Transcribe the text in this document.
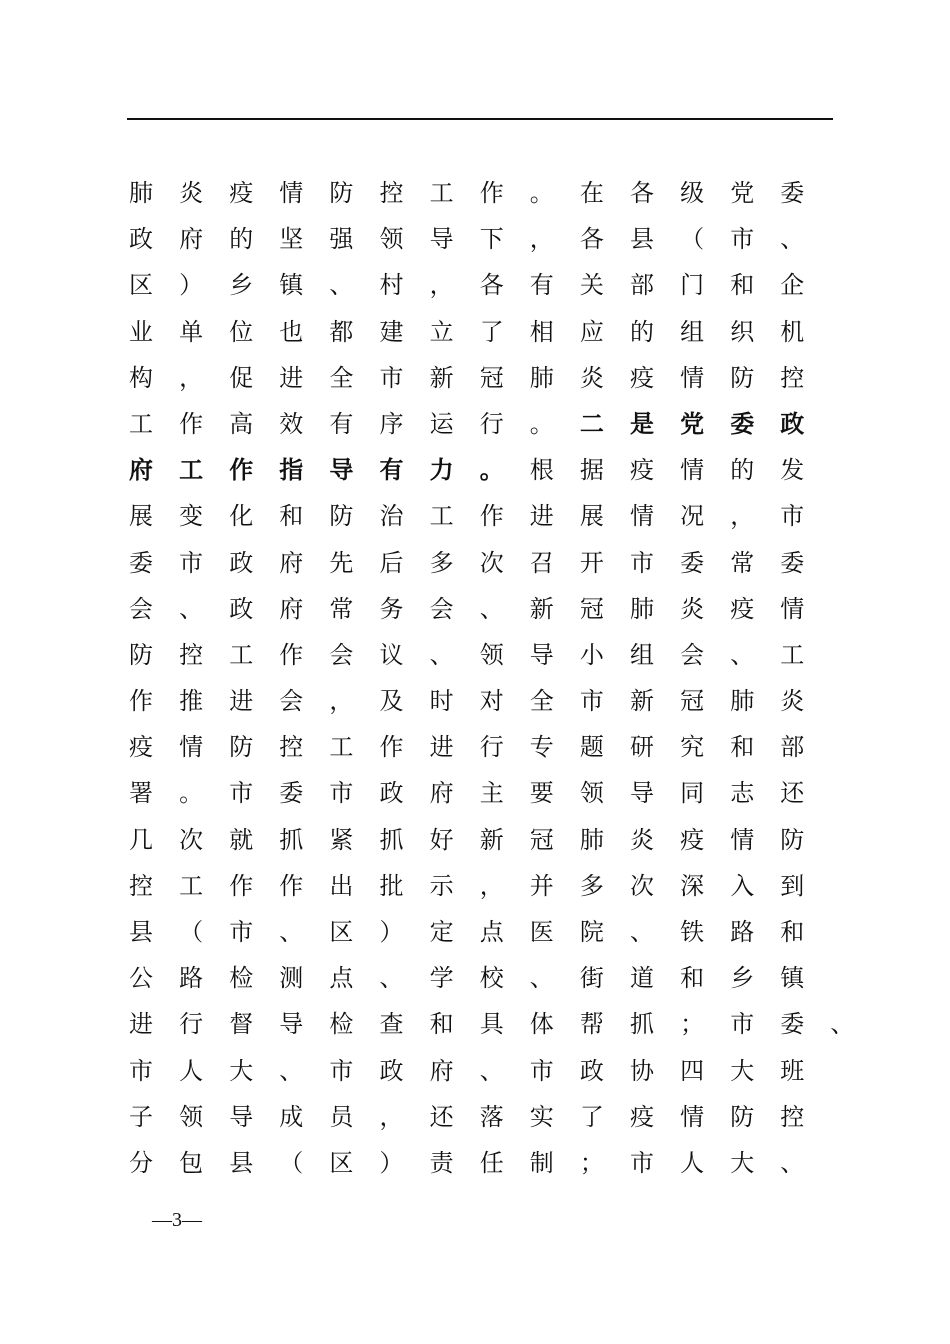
肺 炎 疫 情 防 控 工 作 。 在 各 级 党 委
政 府 的 坚 强 领 导 下 ， 各 县 （ 市 、
区 ） 乡 镇 、 村 ， 各 有 关 部 门 和 企
业 单 位 也 都 建 立 了 相 应 的 组 织 机
构 ， 促 进 全 市 新 冠 肺 炎 疫 情 防 控
工 作 高 效 有 序 运 行 。 二 是 党 委 政
府 工 作 指 导 有 力 。 根 据 疫 情 的 发
展 变 化 和 防 治 工 作 进 展 情 况 ， 市
委 市 政 府 先 后 多 次 召 开 市 委 常 委
会 、 政 府 常 务 会 、 新 冠 肺 炎 疫 情
防 控 工 作 会 议 、 领 导 小 组 会 、 工
作 推 进 会 ， 及 时 对 全 市 新 冠 肺 炎
疫 情 防 控 工 作 进 行 专 题 研 究 和 部
署 。 市 委 市 政 府 主 要 领 导 同 志 还
几 次 就 抓 紧 抓 好 新 冠 肺 炎 疫 情 防
控 工 作 作 出 批 示 ， 并 多 次 深 入 到
县 （ 市 、 区 ） 定 点 医 院 、 铁 路 和
公 路 检 测 点 、 学 校 、 街 道 和 乡 镇
进 行 督 导 检 查 和 具 体 帮 抓 ； 市 委 、
市 人 大 、 市 政 府 、 市 政 协 四 大 班
子 领 导 成 员 ， 还 落 实 了 疫 情 防 控
分 包 县 （ 区 ） 责 任 制 ； 市 人 大 、
—3—
